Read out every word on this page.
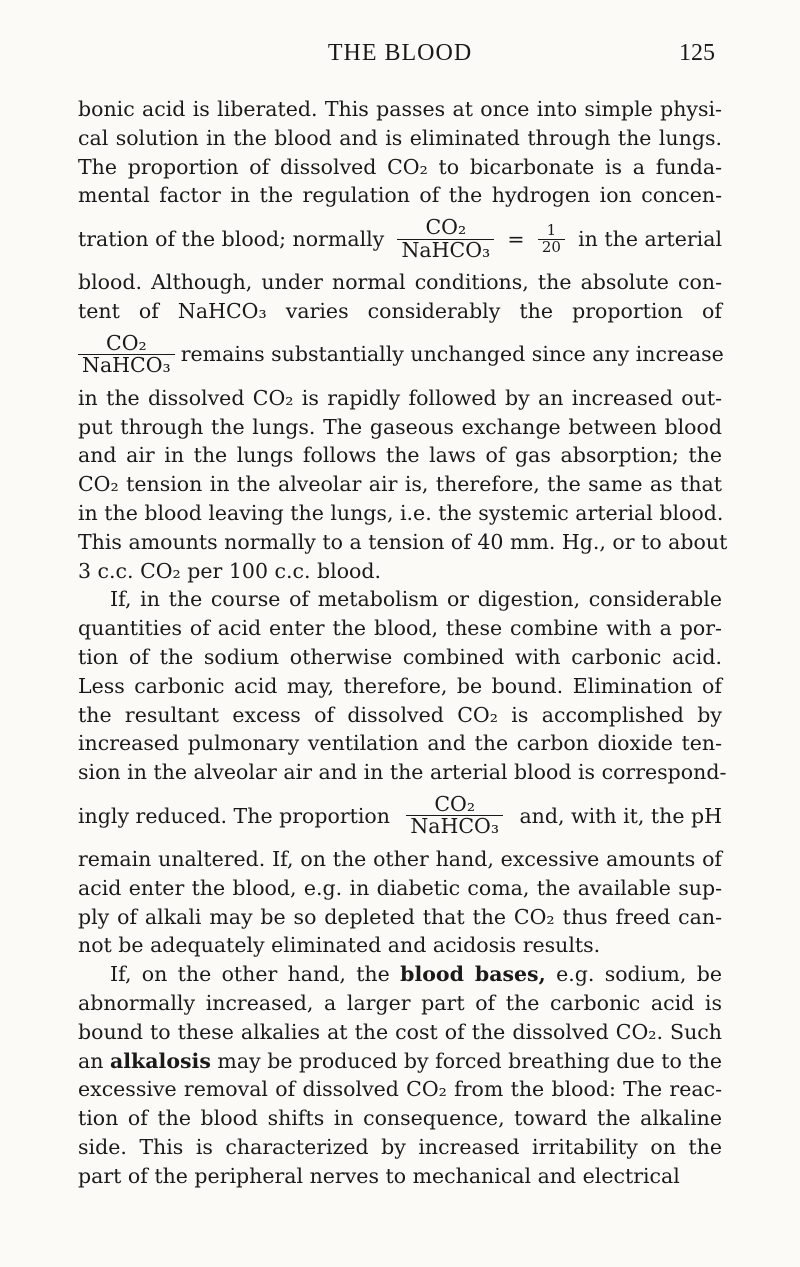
THE BLOOD	125
bonic acid is liberated. This passes at once into simple physi-
cal solution in the blood and is eliminated through the lungs.
The proportion of dissolved CO₂ to bicarbonate is a funda-
mental factor in the regulation of the hydrogen ion concen-
tration of the blood; normally $\frac{\text{CO₂}}{\text{NaHCO₃}} = \frac{1}{20}$ in the arterial
blood. Although, under normal conditions, the absolute con-
tent of NaHCO₃ varies considerably the proportion of
$\frac{\text{CO₂}}{\text{NaHCO₃}}$ remains substantially unchanged since any increase
in the dissolved CO₂ is rapidly followed by an increased out-
put through the lungs. The gaseous exchange between blood
and air in the lungs follows the laws of gas absorption; the
CO₂ tension in the alveolar air is, therefore, the same as that
in the blood leaving the lungs, i.e. the systemic arterial blood.
This amounts normally to a tension of 40 mm. Hg., or to about
3 c.c. CO₂ per 100 c.c. blood.
If, in the course of metabolism or digestion, considerable
quantities of acid enter the blood, these combine with a por-
tion of the sodium otherwise combined with carbonic acid.
Less carbonic acid may, therefore, be bound. Elimination of
the resultant excess of dissolved CO₂ is accomplished by
increased pulmonary ventilation and the carbon dioxide ten-
sion in the alveolar air and in the arterial blood is correspond-
ingly reduced. The proportion $\frac{\text{CO₂}}{\text{NaHCO₃}}$ and, with it, the pH
remain unaltered. If, on the other hand, excessive amounts of
acid enter the blood, e.g. in diabetic coma, the available sup-
ply of alkali may be so depleted that the CO₂ thus freed can-
not be adequately eliminated and acidosis results.
If, on the other hand, the blood bases, e.g. sodium, be
abnormally increased, a larger part of the carbonic acid is
bound to these alkalies at the cost of the dissolved CO₂. Such
an alkalosis may be produced by forced breathing due to the
excessive removal of dissolved CO₂ from the blood: The reac-
tion of the blood shifts in consequence, toward the alkaline
side. This is characterized by increased irritability on the
part of the peripheral nerves to mechanical and electrical
